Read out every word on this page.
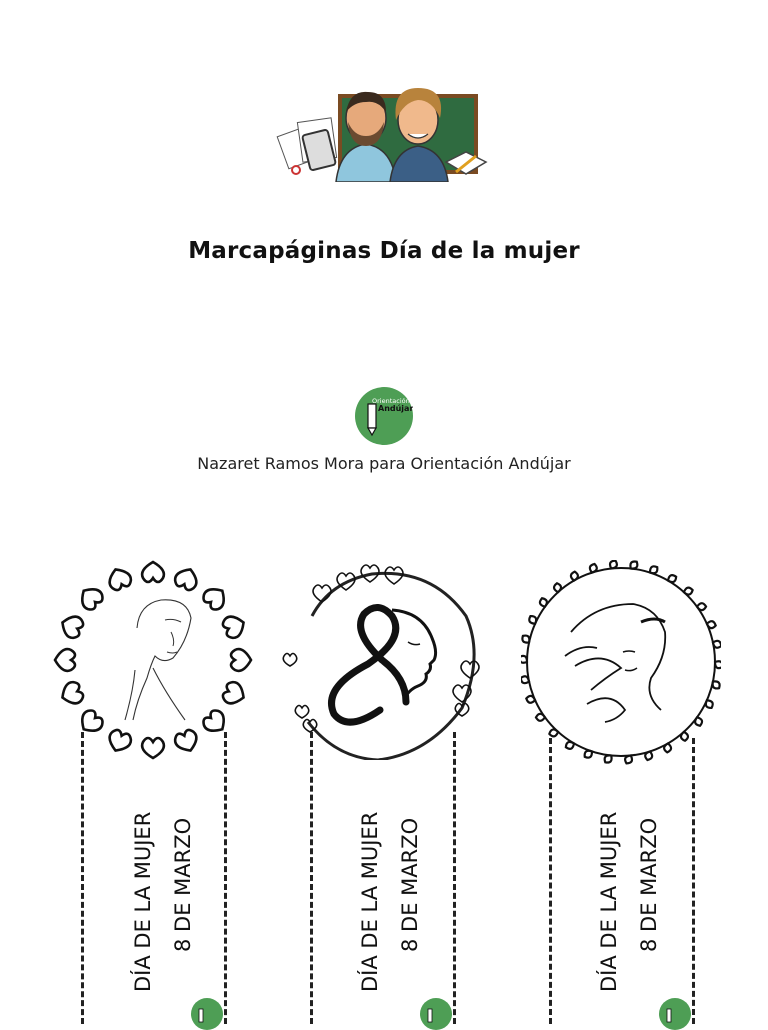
Marcapáginas Día de la mujer
Orientación
Andújar
Nazaret Ramos Mora para Orientación Andújar
DÍA DE LA MUJER 8 DE MARZO	DÍA DE LA MUJER 8 DE MARZO	DÍA DE LA MUJER 8 DE MARZO
